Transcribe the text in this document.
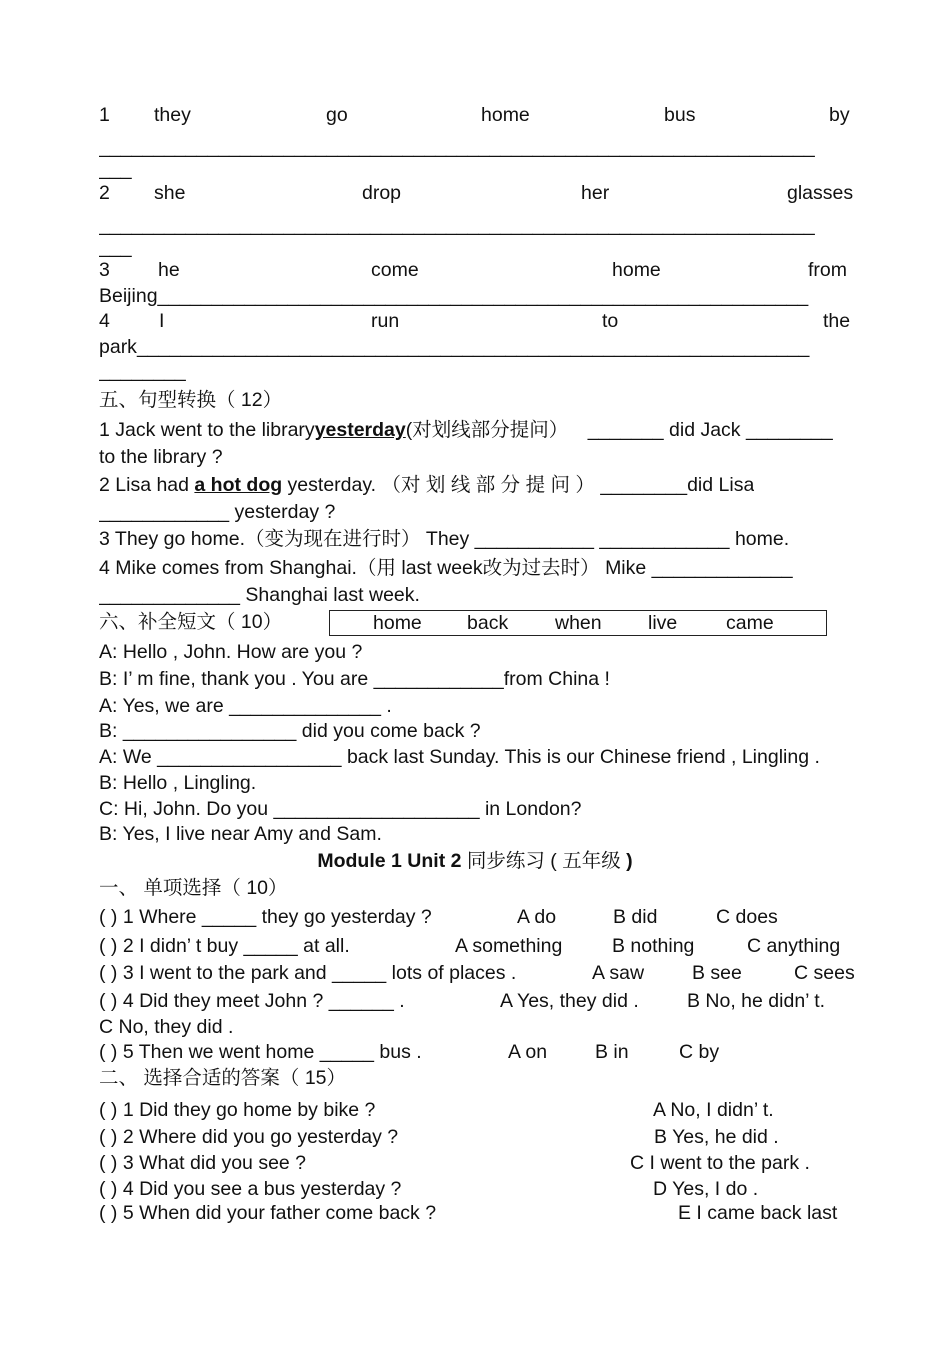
1 they	go	home	bus	by
__________________________________________________________________
___
2 she	drop	her	glasses
__________________________________________________________________
___
3 he	come	home	from
Beijing____________________________________________________________
4	I	run	to	the
park______________________________________________________________
________
五、句型转换（ 12）
1 Jack went to the libraryyesterday(对划线部分提问） _______ did Jack ________
to the library ?
2 Lisa had a hot dog yesterday. （对 划 线 部 分 提 问 ） ________did Lisa
____________ yesterday ?
3 They go home.（变为现在进行时） They ___________ ____________ home.
4 Mike comes from Shanghai.（用 last week改为过去时） Mike _____________
_____________ Shanghai last week.
六、补全短文（ 10）	home back when live came
A: Hello , John. How are you ?
B: I’ m fine, thank you . You are ____________from China !
A: Yes, we are ______________ .
B: ________________ did you come back ?
A: We _________________ back last Sunday. This is our Chinese friend , Lingling .
B: Hello , Lingling.
C: Hi, John. Do you ___________________ in London?
B: Yes, I live near Amy and Sam.
Module 1 Unit 2 同步练习 ( 五年级 )
一、 单项选择（ 10）
( ) 1 Where _____ they go yesterday ?	A do	B did	C does
( ) 2 I didn’ t buy _____ at all.	A something	B nothing	C anything
( ) 3 I went to the park and _____ lots of places .	A saw B see	C sees
( ) 4 Did they meet John ? ______ .	A Yes, they did . B No, he didn’ t.
C No, they did .
( ) 5 Then we went home _____ bus .	A on B in	C by
二、 选择合适的答案（ 15）
( ) 1 Did they go home by bike ?	A No, I didn’ t.
( ) 2 Where did you go yesterday ?	B Yes, he did .
( ) 3 What did you see ?	C I went to the park .
( ) 4 Did you see a bus yesterday ?	D Yes, I do .
( ) 5 When did your father come back ?	E I came back last
